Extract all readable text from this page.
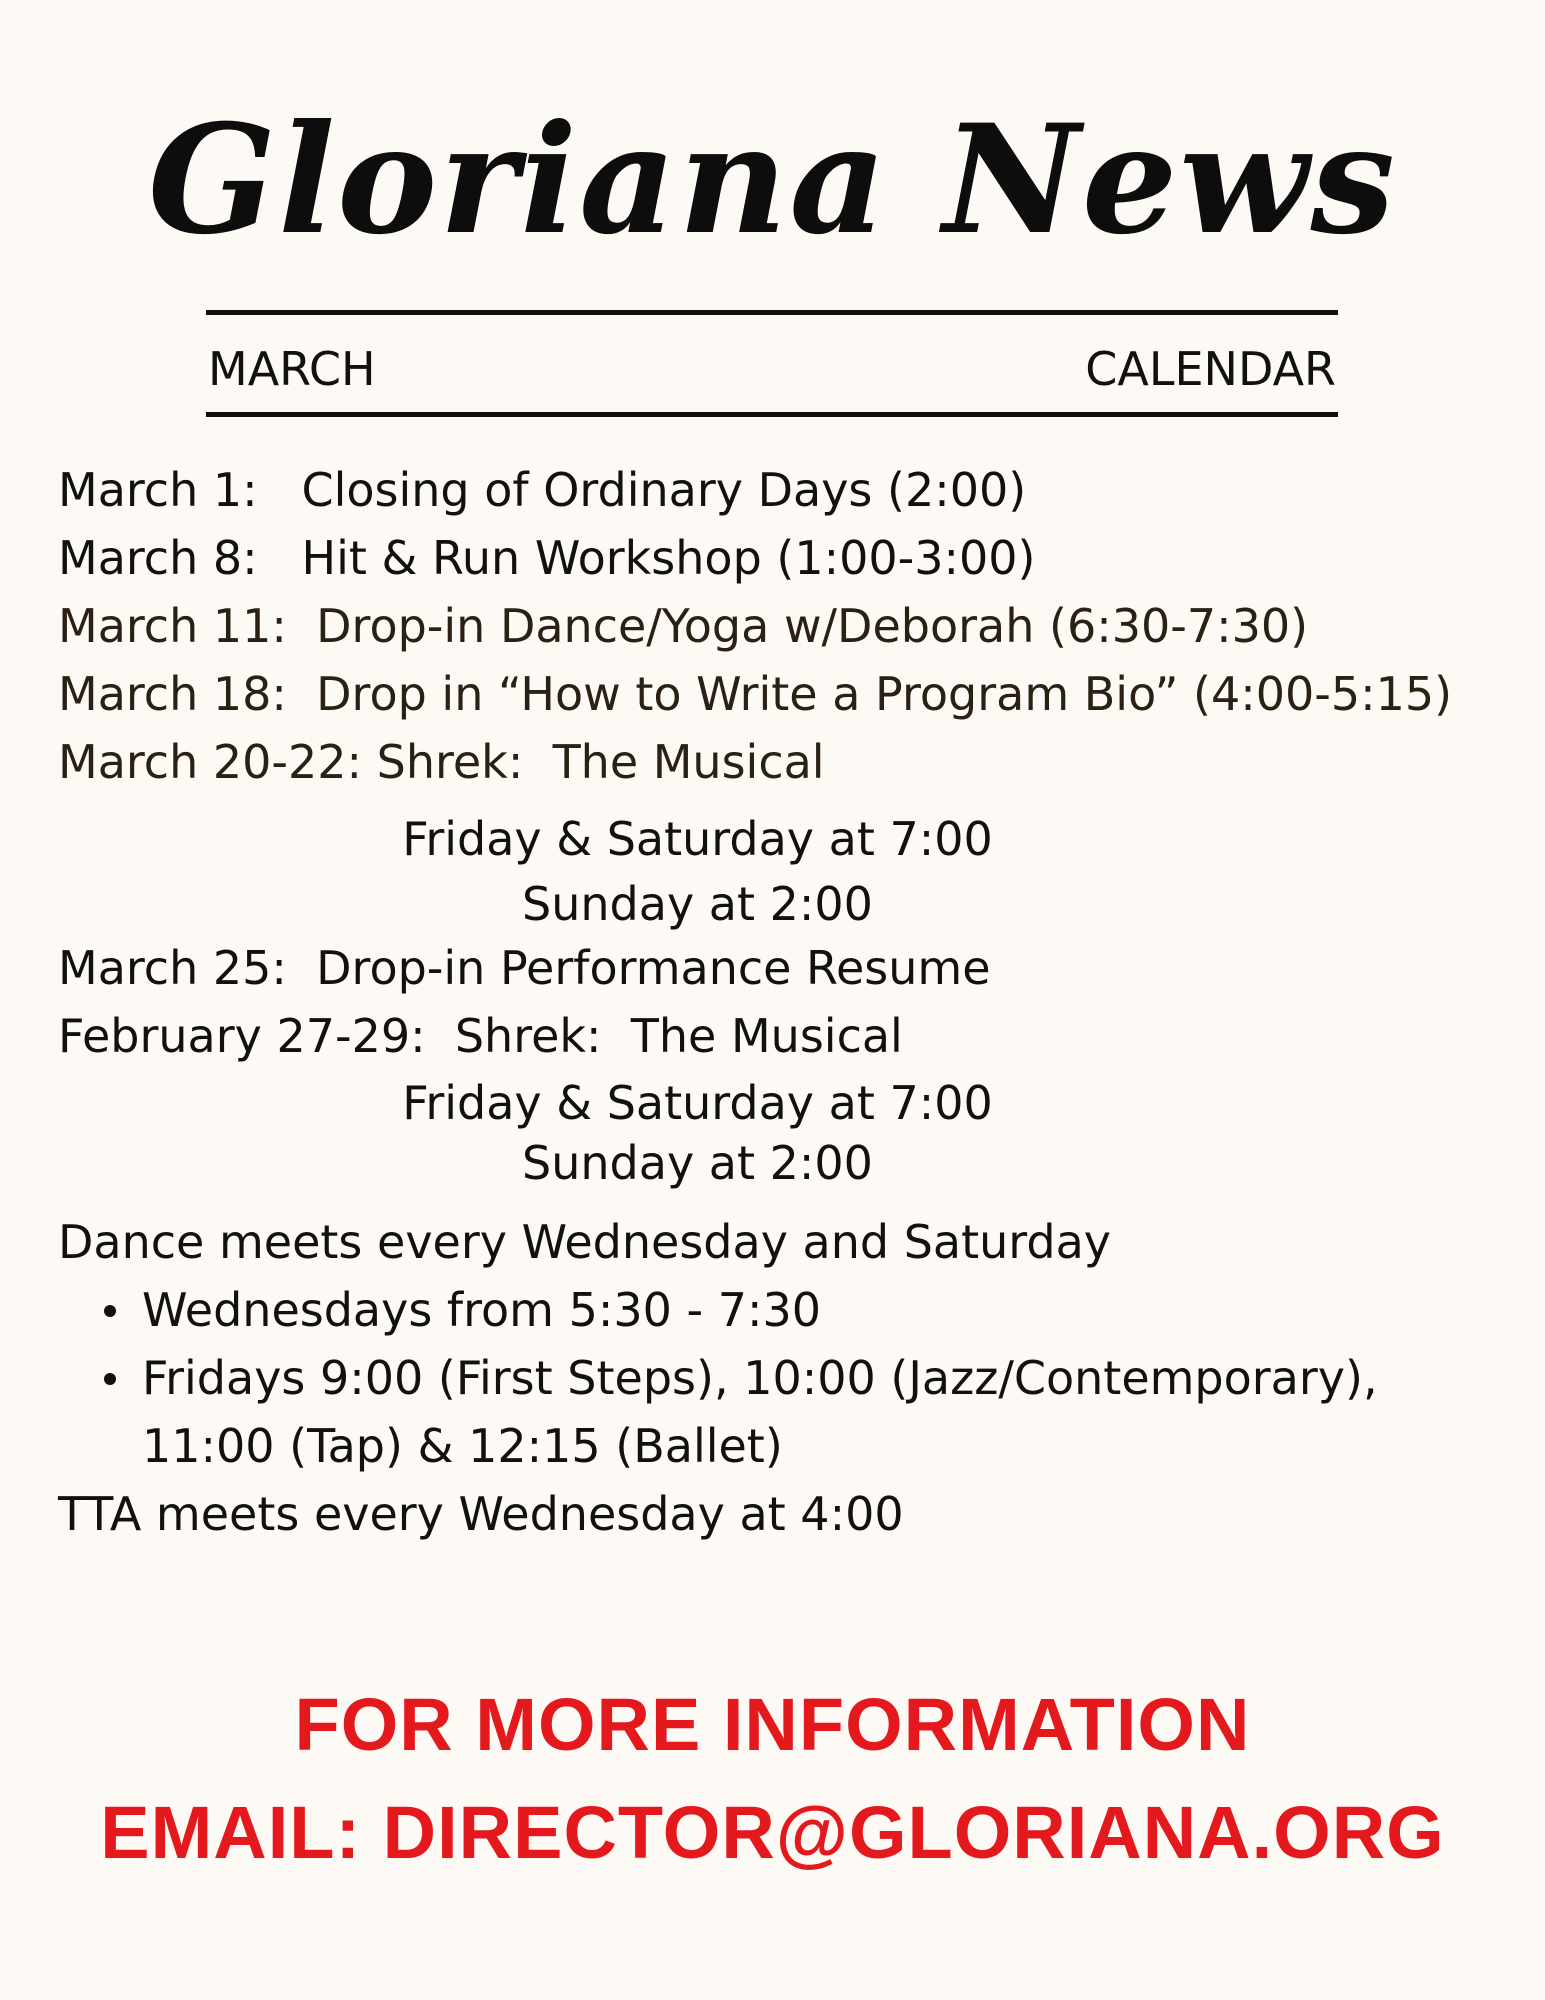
Gloriana News
MARCH	CALENDAR
March 1:   Closing of Ordinary Days (2:00)
March 8:   Hit & Run Workshop (1:00-3:00)
March 11:  Drop-in Dance/Yoga w/Deborah (6:30-7:30)
March 18:  Drop in “How to Write a Program Bio” (4:00-5:15)
March 20-22: Shrek:  The Musical
Friday & Saturday at 7:00
Sunday at 2:00
March 25:  Drop-in Performance Resume
February 27-29:  Shrek:  The Musical
Friday & Saturday at 7:00
Sunday at 2:00
Dance meets every Wednesday and Saturday
Wednesdays from 5:30 - 7:30
Fridays 9:00 (First Steps), 10:00 (Jazz/Contemporary),
11:00 (Tap) & 12:15 (Ballet)
TTA meets every Wednesday at 4:00
FOR MORE INFORMATION
EMAIL: DIRECTOR@GLORIANA.ORG
